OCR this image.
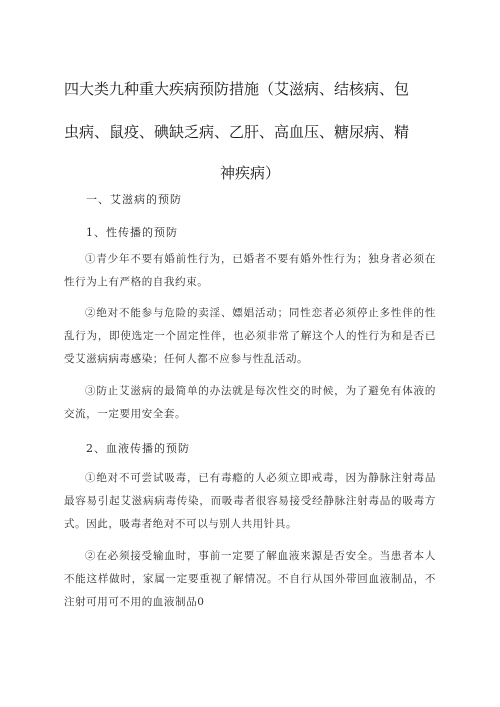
四大类九种重大疾病预防措施（艾滋病、结核病、包
虫病、鼠疫、碘缺乏病、乙肝、高血压、糖尿病、精
神疾病）
一、艾滋病的预防
1、性传播的预防
①青少年不要有婚前性行为，已婚者不要有婚外性行为；独身者必须在性行为上有严格的自我约束。
②绝对不能参与危险的卖淫、嫖娼活动；同性恋者必须停止多性伴的性乱行为，即使选定一个固定性伴，也必须非常了解这个人的性行为和是否已受艾滋病病毒感染；任何人都不应参与性乱活动。
③防止艾滋病的最简单的办法就是每次性交的时候，为了避免有体液的交流，一定要用安全套。
2、血液传播的预防
①绝对不可尝试吸毒，已有毒瘾的人必须立即戒毒，因为静脉注射毒品最容易引起艾滋病病毒传染，而吸毒者很容易接受经静脉注射毒品的吸毒方式。因此，吸毒者绝对不可以与别人共用针具。
②在必须接受输血时，事前一定要了解血液来源是否安全。当患者本人不能这样做时，家属一定要重视了解情况。不自行从国外带回血液制品，不注射可用可不用的血液制品0
